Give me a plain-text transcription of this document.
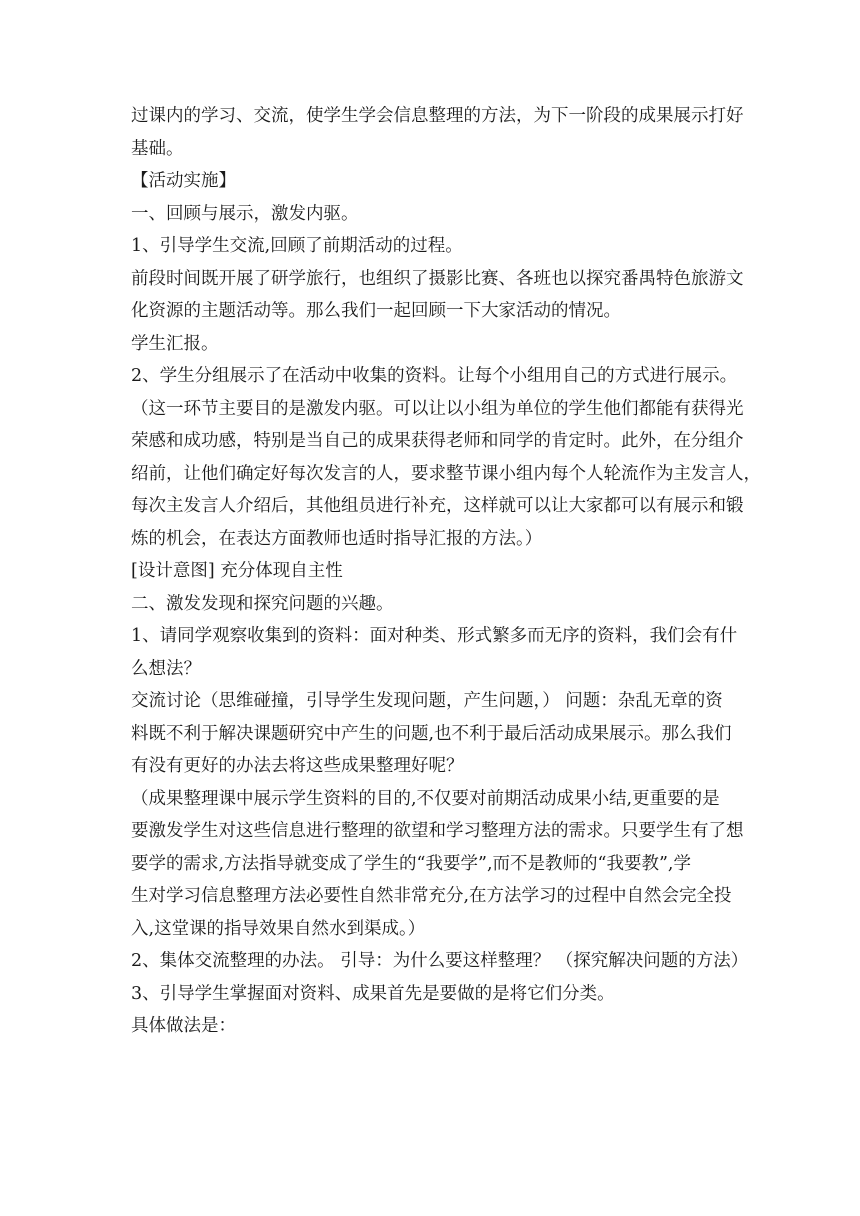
过课内的学习、交流，使学生学会信息整理的方法，为下一阶段的成果展示打好

基础。

【活动实施】

一、回顾与展示，激发内驱。

1、引导学生交流,回顾了前期活动的过程。

前段时间既开展了研学旅行，也组织了摄影比赛、各班也以探究番禺特色旅游文

化资源的主题活动等。那么我们一起回顾一下大家活动的情况。

学生汇报。

2、学生分组展示了在活动中收集的资料。让每个小组用自己的方式进行展示。

（这一环节主要目的是激发内驱。可以让以小组为单位的学生他们都能有获得光

荣感和成功感，特别是当自己的成果获得老师和同学的肯定时。此外，在分组介

绍前，让他们确定好每次发言的人，要求整节课小组内每个人轮流作为主发言人，

每次主发言人介绍后，其他组员进行补充，这样就可以让大家都可以有展示和锻

炼的机会，在表达方面教师也适时指导汇报的方法。）

[设计意图] 充分体现自主性

二、激发发现和探究问题的兴趣。

1、请同学观察收集到的资料：面对种类、形式繁多而无序的资料，我们会有什

么想法？

交流讨论（思维碰撞，引导学生发现问题，产生问题，） 问题：杂乱无章的资

料既不利于解决课题研究中产生的问题,也不利于最后活动成果展示。那么我们

有没有更好的办法去将这些成果整理好呢？

（成果整理课中展示学生资料的目的,不仅要对前期活动成果小结,更重要的是

要激发学生对这些信息进行整理的欲望和学习整理方法的需求。只要学生有了想

要学的需求,方法指导就变成了学生的“我要学”,而不是教师的“我要教”,学

生对学习信息整理方法必要性自然非常充分,在方法学习的过程中自然会完全投

入,这堂课的指导效果自然水到渠成。）

2、集体交流整理的办法。 引导：为什么要这样整理？ （探究解决问题的方法）

3、引导学生掌握面对资料、成果首先是要做的是将它们分类。

具体做法是：
